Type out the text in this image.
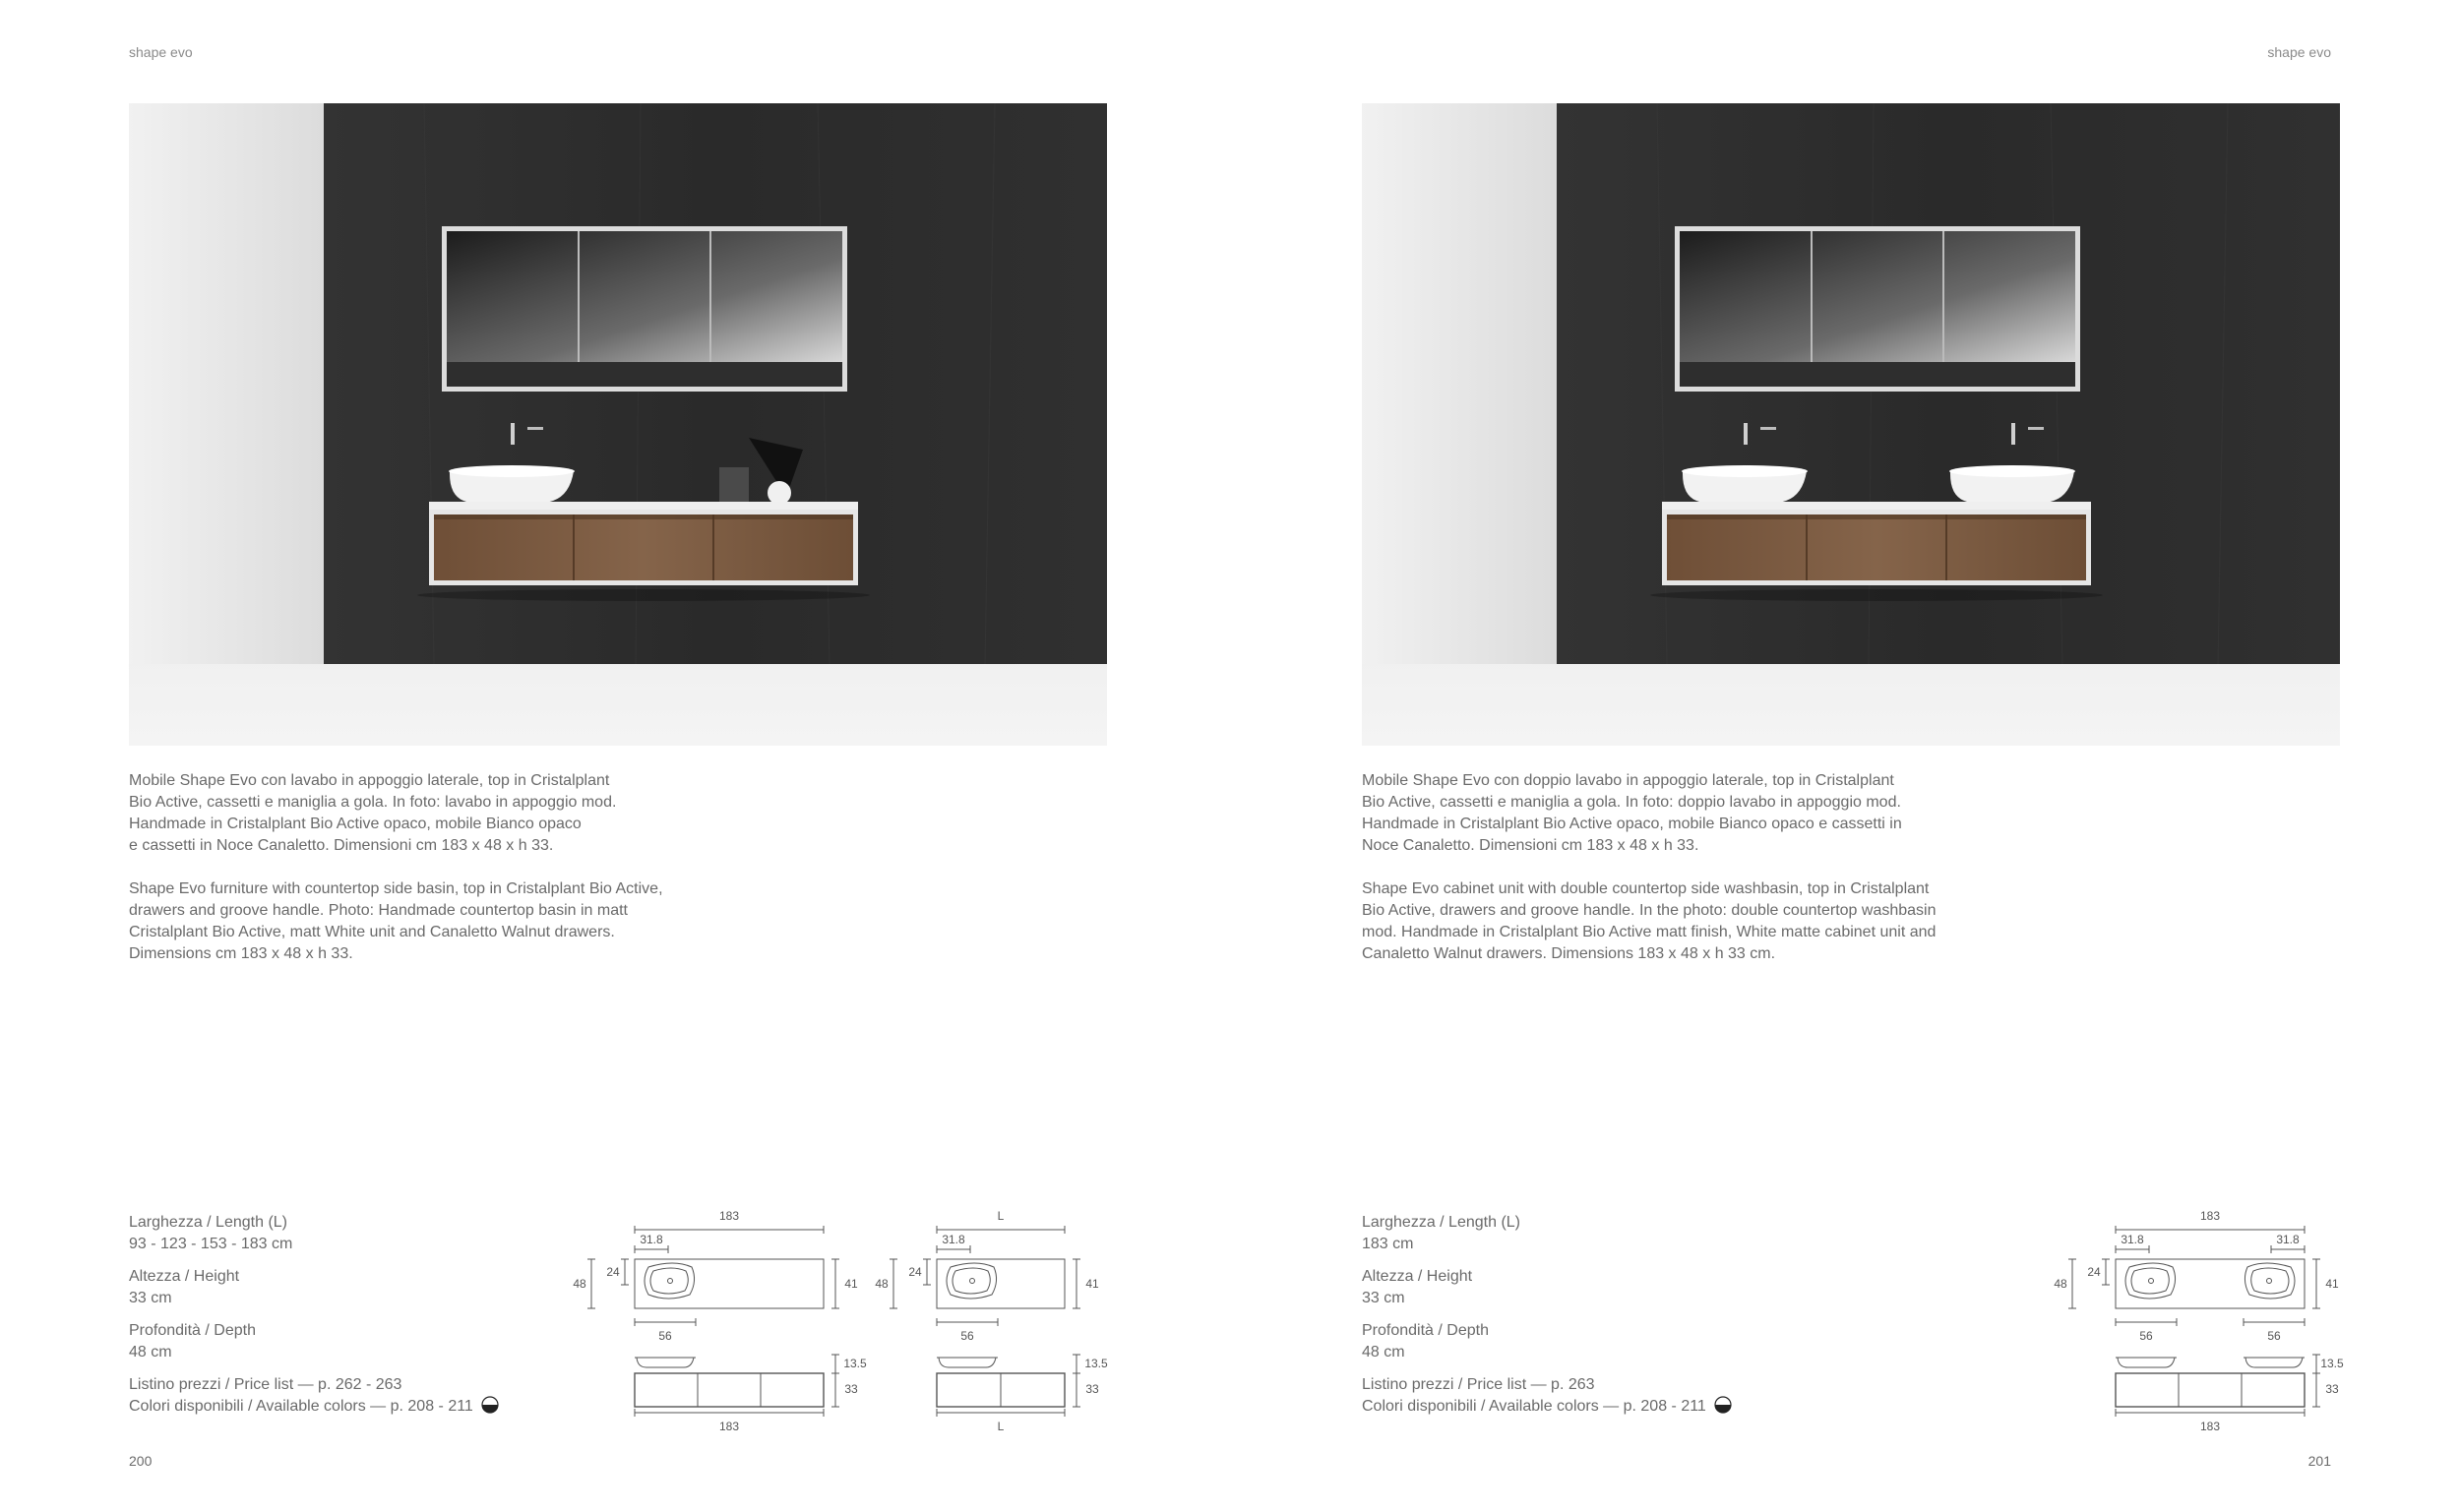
shape evo

Mobile Shape Evo con lavabo in appoggio laterale, top in Cristalplant
Bio Active, cassetti e maniglia a gola. In foto: lavabo in appoggio mod.
Handmade in Cristalplant Bio Active opaco, mobile Bianco opaco
e cassetti in Noce Canaletto. Dimensioni cm 183 x 48 x h 33.

Shape Evo furniture with countertop side basin, top in Cristalplant Bio Active,
drawers and groove handle. Photo: Handmade countertop basin in matt
Cristalplant Bio Active, matt White unit and Canaletto Walnut drawers.
Dimensions cm 183 x 48 x h 33.

Larghezza / Length (L)
93 - 123 - 153 - 183 cm
Altezza / Height
33 cm
Profondità / Depth
48 cm
Listino prezzi / Price list — p. 262 - 263
Colori disponibili / Available colors — p. 208 - 211
183
31.8
48
24
41
56
13.5
33
183
L
31.8
48
24
41
56
13.5
33
L
200
shape evo

Mobile Shape Evo con doppio lavabo in appoggio laterale, top in Cristalplant
Bio Active, cassetti e maniglia a gola. In foto: doppio lavabo in appoggio mod.
Handmade in Cristalplant Bio Active opaco, mobile Bianco opaco e cassetti in
Noce Canaletto. Dimensioni cm 183 x 48 x h 33.

Shape Evo cabinet unit with double countertop side washbasin, top in Cristalplant
Bio Active, drawers and groove handle. In the photo: double countertop washbasin
mod. Handmade in Cristalplant Bio Active matt finish, White matte cabinet unit and
Canaletto Walnut drawers. Dimensions 183 x 48 x h 33 cm.

Larghezza / Length (L)
183 cm
Altezza / Height
33 cm
Profondità / Depth
48 cm
Listino prezzi / Price list — p. 263
Colori disponibili / Available colors — p. 208 - 211
183
31.8	31.8
48
24
41
56	56
13.5
33
183
201
